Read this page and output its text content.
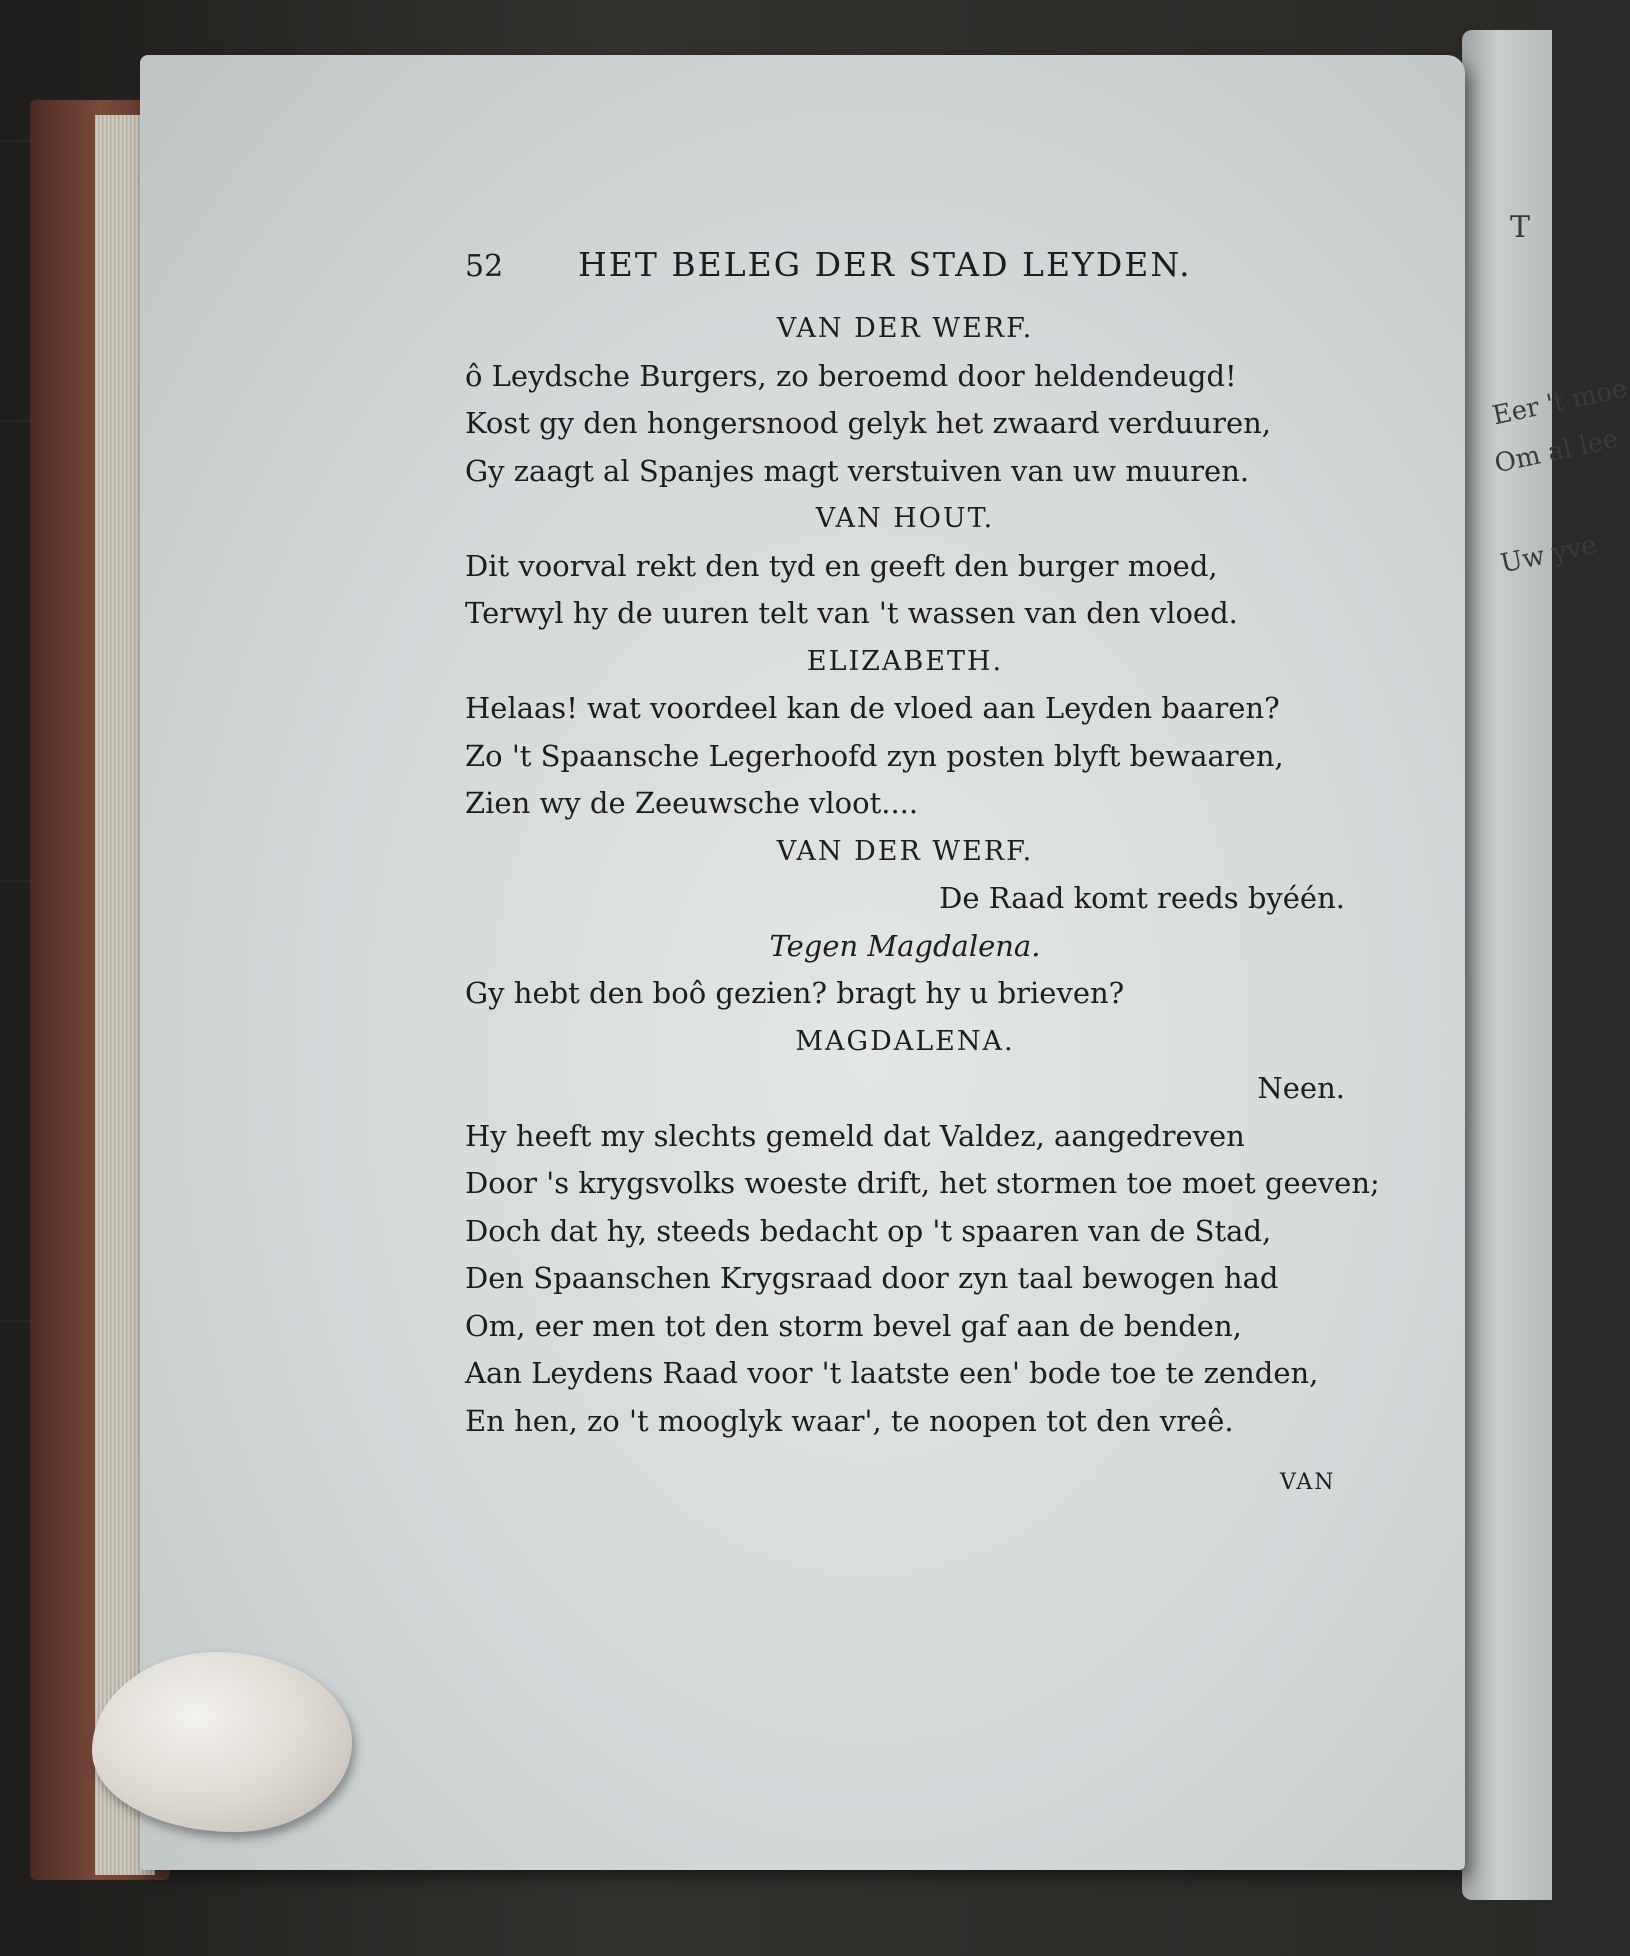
T
Eer 't moe
Om al lee
Uw yve
52 HET BELEG DER STAD LEYDEN.
VAN DER WERF.
ô Leydsche Burgers, zo beroemd door heldendeugd!
Kost gy den hongersnood gelyk het zwaard verduuren,
Gy zaagt al Spanjes magt verstuiven van uw muuren.
VAN HOUT.
Dit voorval rekt den tyd en geeft den burger moed,
Terwyl hy de uuren telt van 't wassen van den vloed.
ELIZABETH.
Helaas! wat voordeel kan de vloed aan Leyden baaren?
Zo 't Spaansche Legerhoofd zyn posten blyft bewaaren,
Zien wy de Zeeuwsche vloot....
VAN DER WERF.
De Raad komt reeds byéén.
Tegen Magdalena.
Gy hebt den boô gezien? bragt hy u brieven?
MAGDALENA.
Neen.
Hy heeft my slechts gemeld dat Valdez, aangedreven
Door 's krygsvolks woeste drift, het stormen toe moet geeven;
Doch dat hy, steeds bedacht op 't spaaren van de Stad,
Den Spaanschen Krygsraad door zyn taal bewogen had
Om, eer men tot den storm bevel gaf aan de benden,
Aan Leydens Raad voor 't laatste een' bode toe te zenden,
En hen, zo 't mooglyk waar', te noopen tot den vreê.
VAN
